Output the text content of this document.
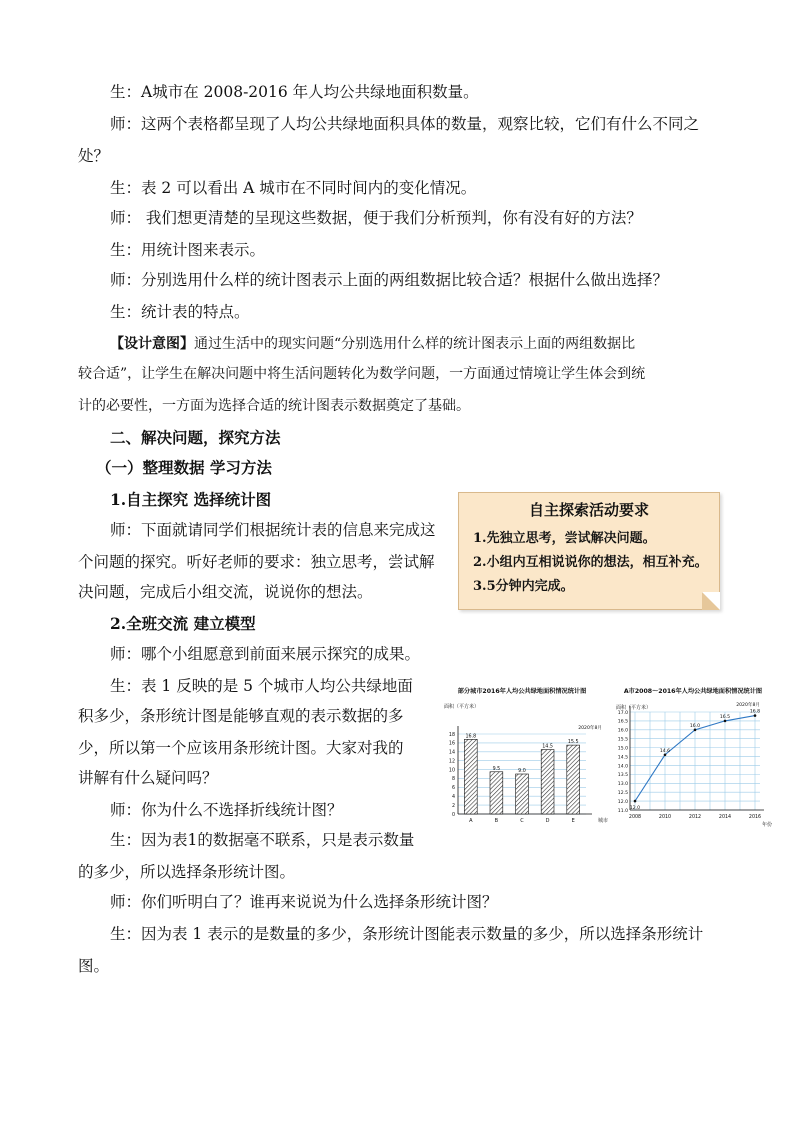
生：A城市在 2008-2016 年人均公共绿地面积数量。
师：这两个表格都呈现了人均公共绿地面积具体的数量，观察比较，它们有什么不同之
处？
生：表 2 可以看出 A 城市在不同时间内的变化情况。
师： 我们想更清楚的呈现这些数据，便于我们分析预判，你有没有好的方法？
生：用统计图来表示。
师：分别选用什么样的统计图表示上面的两组数据比较合适？根据什么做出选择？
生：统计表的特点。
【设计意图】通过生活中的现实问题“分别选用什么样的统计图表示上面的两组数据比
较合适”，让学生在解决问题中将生活问题转化为数学问题，一方面通过情境让学生体会到统
计的必要性，一方面为选择合适的统计图表示数据奠定了基础。
二、解决问题，探究方法
（一）整理数据 学习方法
1.自主探究 选择统计图
师：下面就请同学们根据统计表的信息来完成这
个问题的探究。听好老师的要求：独立思考，尝试解
决问题，完成后小组交流，说说你的想法。
自主探索活动要求
1.先独立思考，尝试解决问题。
2.小组内互相说说你的想法，相互补充。
3.5分钟内完成。
2.全班交流 建立模型
师：哪个小组愿意到前面来展示探究的成果。
生：表 1 反映的是 5 个城市人均公共绿地面
积多少，条形统计图是能够直观的表示数据的多
少，所以第一个应该用条形统计图。大家对我的
讲解有什么疑问吗？
师：你为什么不选择折线统计图？
生：因为表1的数据毫不联系，只是表示数量
的多少，所以选择条形统计图。
师：你们听明白了？谁再来说说为什么选择条形统计图？
生：因为表 1 表示的是数量的多少，条形统计图能表示数量的多少，所以选择条形统计
图。
部分城市2016年人均公共绿地面积情况统计图
面积（平方米）
2020年8月
城市
0
2
4
6
8
10
12
14
16
18 16.8
A
9.5
B
9.0
C
14.5
D
15.5
E
A市2008～2016年人均公共绿地面积情况统计图
面积（平方米）	2020年8月
年份
11.0
12.0
12.5
13.0
13.5
14.0
14.5
15.0
15.5
16.0
16.5
17.0
12.0
2008
14.6
2010
16.0
2012
16.5
2014
16.8
2016
